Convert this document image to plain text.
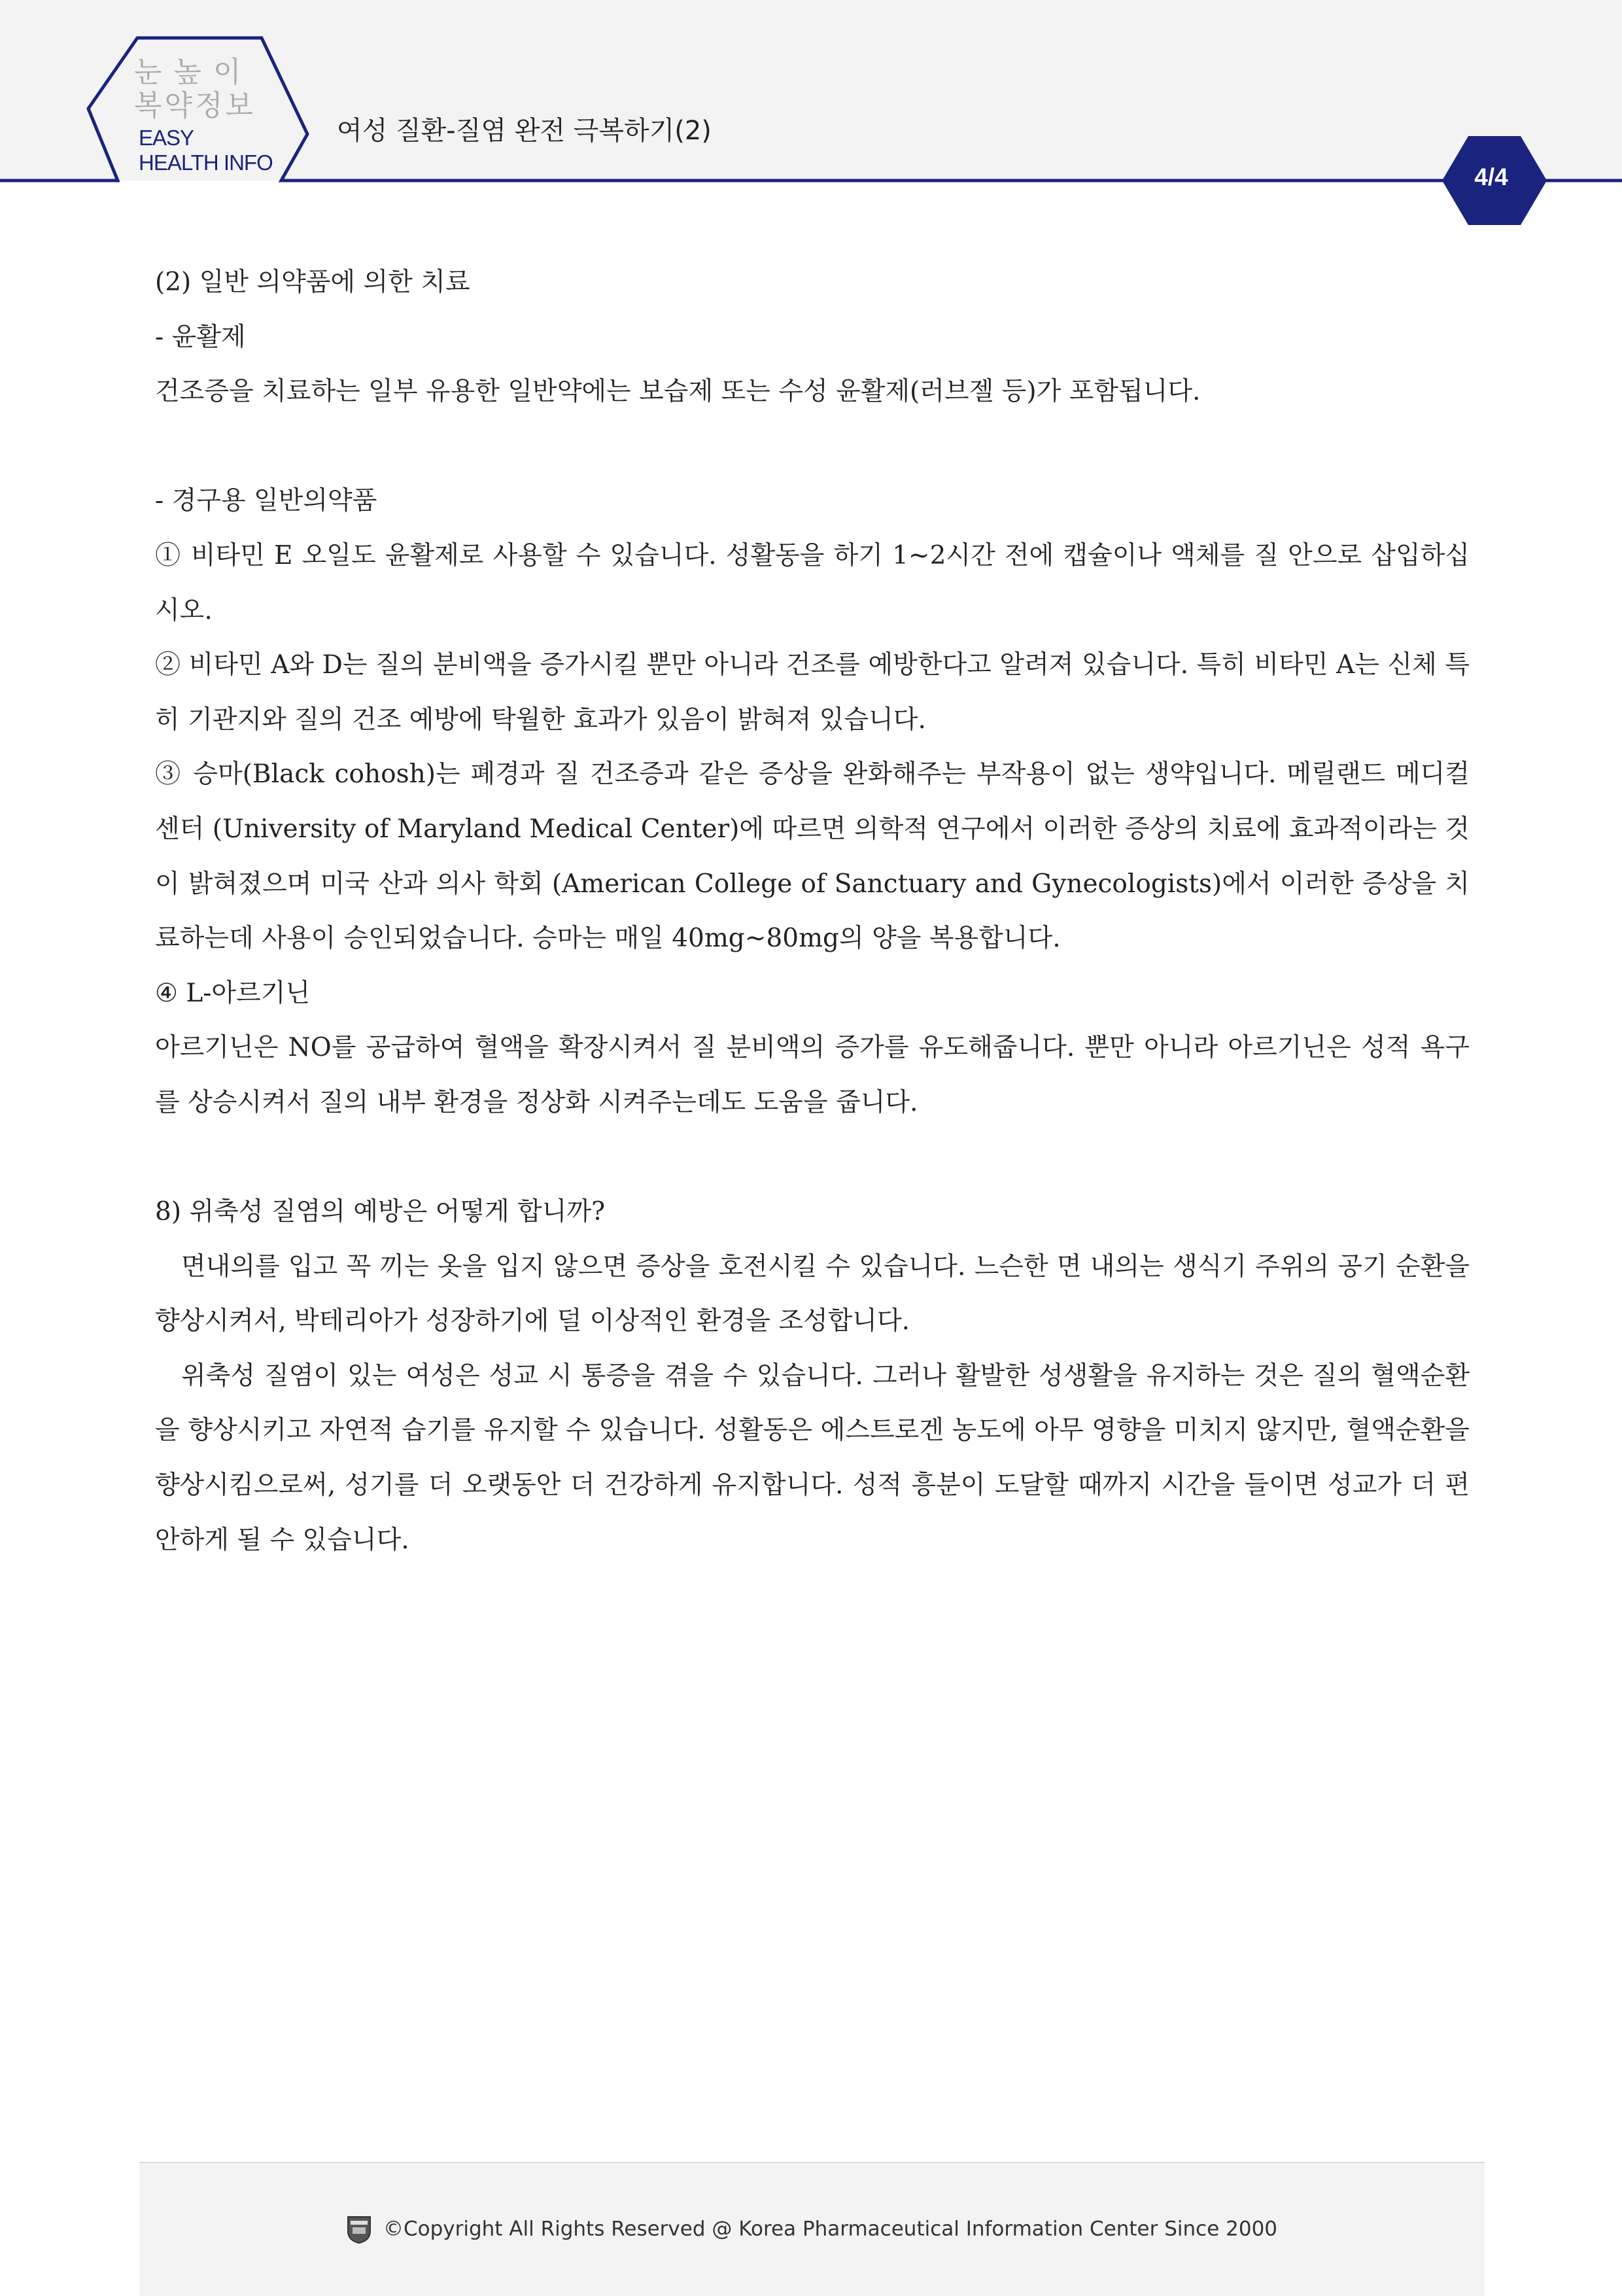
눈높이
복약정보
EASY
HEALTH INFO
여성 질환-질염 완전 극복하기(2)
4/4
(2) 일반 의약품에 의한 치료
- 윤활제
건조증을 치료하는 일부 유용한 일반약에는 보습제 또는 수성 윤활제(러브젤 등)가 포함됩니다.
- 경구용 일반의약품

① 비타민 E 오일도 윤활제로 사용할 수 있습니다. 성활동을 하기 1~2시간 전에 캡슐이나 액체를 질 안으로 삽입하십시오.

② 비타민 A와 D는 질의 분비액을 증가시킬 뿐만 아니라 건조를 예방한다고 알려져 있습니다. 특히 비타민 A는 신체 특히 기관지와 질의 건조 예방에 탁월한 효과가 있음이 밝혀져 있습니다.

③ 승마(Black cohosh)는 폐경과 질 건조증과 같은 증상을 완화해주는 부작용이 없는 생약입니다. 메릴랜드 메디컬 센터 (University of Maryland Medical Center)에 따르면 의학적 연구에서 이러한 증상의 치료에 효과적이라는 것이 밝혀졌으며 미국 산과 의사 학회 (American College of Sanctuary and Gynecologists)에서 이러한 증상을 치료하는데 사용이 승인되었습니다. 승마는 매일 40mg~80mg의 양을 복용합니다.

④ L-아르기닌

아르기닌은 NO를 공급하여 혈액을 확장시켜서 질 분비액의 증가를 유도해줍니다. 뿐만 아니라 아르기닌은 성적 욕구를 상승시켜서 질의 내부 환경을 정상화 시켜주는데도 도움을 줍니다.

8) 위축성 질염의 예방은 어떻게 합니까?

면내의를 입고 꼭 끼는 옷을 입지 않으면 증상을 호전시킬 수 있습니다. 느슨한 면 내의는 생식기 주위의 공기 순환을 향상시켜서, 박테리아가 성장하기에 덜 이상적인 환경을 조성합니다.

위축성 질염이 있는 여성은 성교 시 통증을 겪을 수 있습니다. 그러나 활발한 성생활을 유지하는 것은 질의 혈액순환을 향상시키고 자연적 습기를 유지할 수 있습니다. 성활동은 에스트로겐 농도에 아무 영향을 미치지 않지만, 혈액순환을 향상시킴으로써, 성기를 더 오랫동안 더 건강하게 유지합니다. 성적 흥분이 도달할 때까지 시간을 들이면 성교가 더 편안하게 될 수 있습니다.

©Copyright All Rights Reserved @ Korea Pharmaceutical Information Center Since 2000
